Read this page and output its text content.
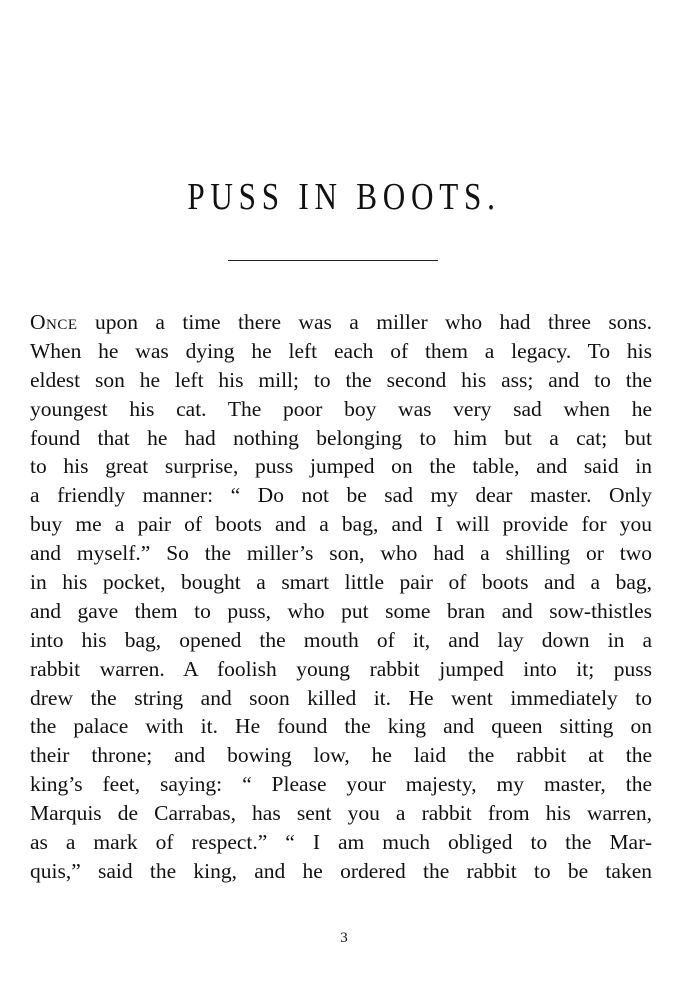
PUSS IN BOOTS.
Once upon a time there was a miller who had three sons.
When he was dying he left each of them a legacy. To his
eldest son he left his mill; to the second his ass; and to the
youngest his cat. The poor boy was very sad when he
found that he had nothing belonging to him but a cat; but
to his great surprise, puss jumped on the table, and said in
a friendly manner: “ Do not be sad my dear master. Only
buy me a pair of boots and a bag, and I will provide for you
and myself.” So the miller’s son, who had a shilling or two
in his pocket, bought a smart little pair of boots and a bag,
and gave them to puss, who put some bran and sow-thistles
into his bag, opened the mouth of it, and lay down in a
rabbit warren. A foolish young rabbit jumped into it; puss
drew the string and soon killed it. He went immediately to
the palace with it. He found the king and queen sitting on
their throne; and bowing low, he laid the rabbit at the
king’s feet, saying: “ Please your majesty, my master, the
Marquis de Carrabas, has sent you a rabbit from his warren,
as a mark of respect.” “ I am much obliged to the Mar-
quis,” said the king, and he ordered the rabbit to be taken
3
